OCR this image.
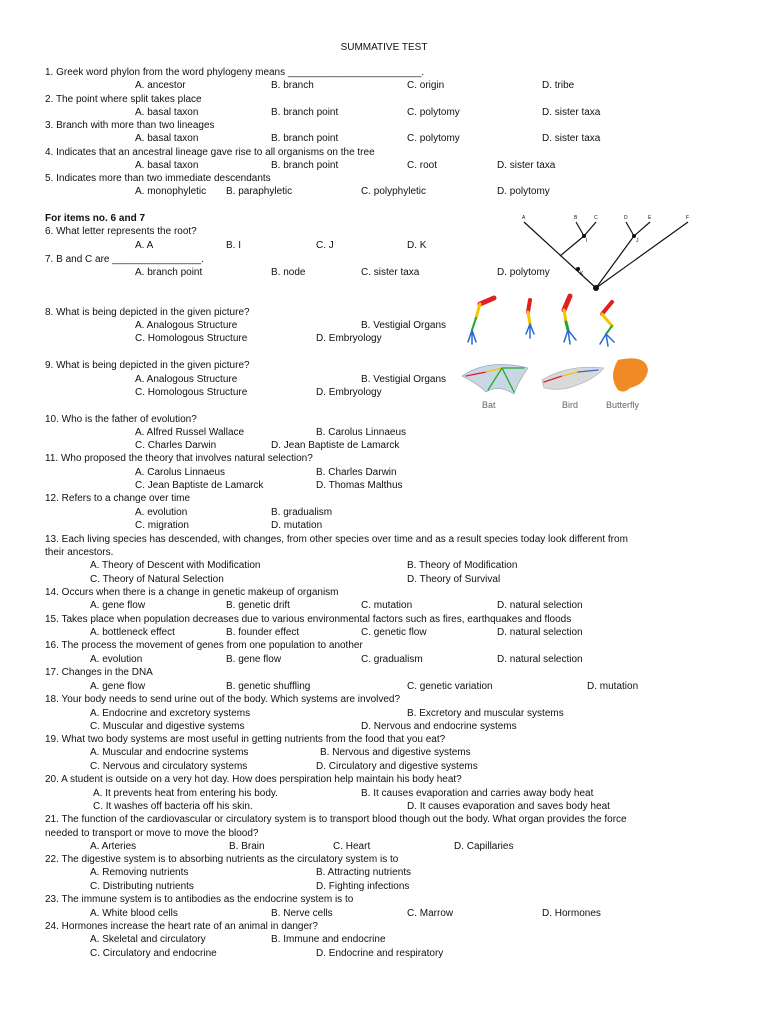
SUMMATIVE TEST
1. Greek word phylon from the word phylogeny means ________________________.
A. ancestor	B. branch	C. origin	D. tribe
2. The point where split takes place
A. basal taxon	B. branch point	C. polytomy	D. sister taxa
3. Branch with more than two lineages
A. basal taxon	B. branch point	C. polytomy	D. sister taxa
4. Indicates that an ancestral lineage gave rise to all organisms on the tree
A. basal taxon	B. branch point	C. root	D. sister taxa
5. Indicates more than two immediate descendants
A. monophyletic B. paraphyletic	C. polyphyletic	D. polytomy
For items no. 6 and 7
6. What letter represents the root?
A. A	B. I	C. J	D. K
7. B and C are ________________.
A. branch point	B. node	C. sister taxa	D. polytomy
A	B	C	D	E	F
I	J
K
8. What is being depicted in the given picture?
A. Analogous Structure	B. Vestigial Organs
C. Homologous Structure	D. Embryology
9. What is being depicted in the given picture?
A. Analogous Structure	B. Vestigial Organs
C. Homologous Structure	D. Embryology
Bat	Bird	Butterfly
10. Who is the father of evolution?
A. Alfred Russel Wallace	B. Carolus Linnaeus
C. Charles Darwin	D. Jean Baptiste de Lamarck
11. Who proposed the theory that involves natural selection?
A. Carolus Linnaeus	B. Charles Darwin
C. Jean Baptiste de Lamarck	D. Thomas Malthus
12. Refers to a change over time
A. evolution	B. gradualism
C. migration	D. mutation
13. Each living species has descended, with changes, from other species over time and as a result species today look different from
their ancestors.
A. Theory of Descent with Modification	B. Theory of Modification
C. Theory of Natural Selection	D. Theory of Survival
14. Occurs when there is a change in genetic makeup of organism
A. gene flow	B. genetic drift	C. mutation	D. natural selection
15. Takes place when population decreases due to various environmental factors such as fires, earthquakes and floods
A. bottleneck effect	B. founder effect	C. genetic flow	D. natural selection
16. The process the movement of genes from one population to another
A. evolution	B. gene flow	C. gradualism	D. natural selection
17. Changes in the DNA
A. gene flow	B. genetic shuffling	C. genetic variation	D. mutation
18. Your body needs to send urine out of the body. Which systems are involved?
A. Endocrine and excretory systems	B. Excretory and muscular systems
C. Muscular and digestive systems	D. Nervous and endocrine systems
19. What two body systems are most useful in getting nutrients from the food that you eat?
A. Muscular and endocrine systems	B. Nervous and digestive systems
C. Nervous and circulatory systems	D. Circulatory and digestive systems
20. A student is outside on a very hot day. How does perspiration help maintain his body heat?
A. It prevents heat from entering his body.	B. It causes evaporation and carries away body heat
C. It washes off bacteria off his skin.	D. It causes evaporation and saves body heat
21. The function of the cardiovascular or circulatory system is to transport blood though out the body. What organ provides the force
needed to transport or move to move the blood?
A. Arteries	B. Brain	C. Heart	D. Capillaries
22. The digestive system is to absorbing nutrients as the circulatory system is to
A. Removing nutrients	B. Attracting nutrients
C. Distributing nutrients	D. Fighting infections
23. The immune system is to antibodies as the endocrine system is to
A. White blood cells	B. Nerve cells	C. Marrow	D. Hormones
24. Hormones increase the heart rate of an animal in danger?
A. Skeletal and circulatory	B. Immune and endocrine
C. Circulatory and endocrine	D. Endocrine and respiratory
